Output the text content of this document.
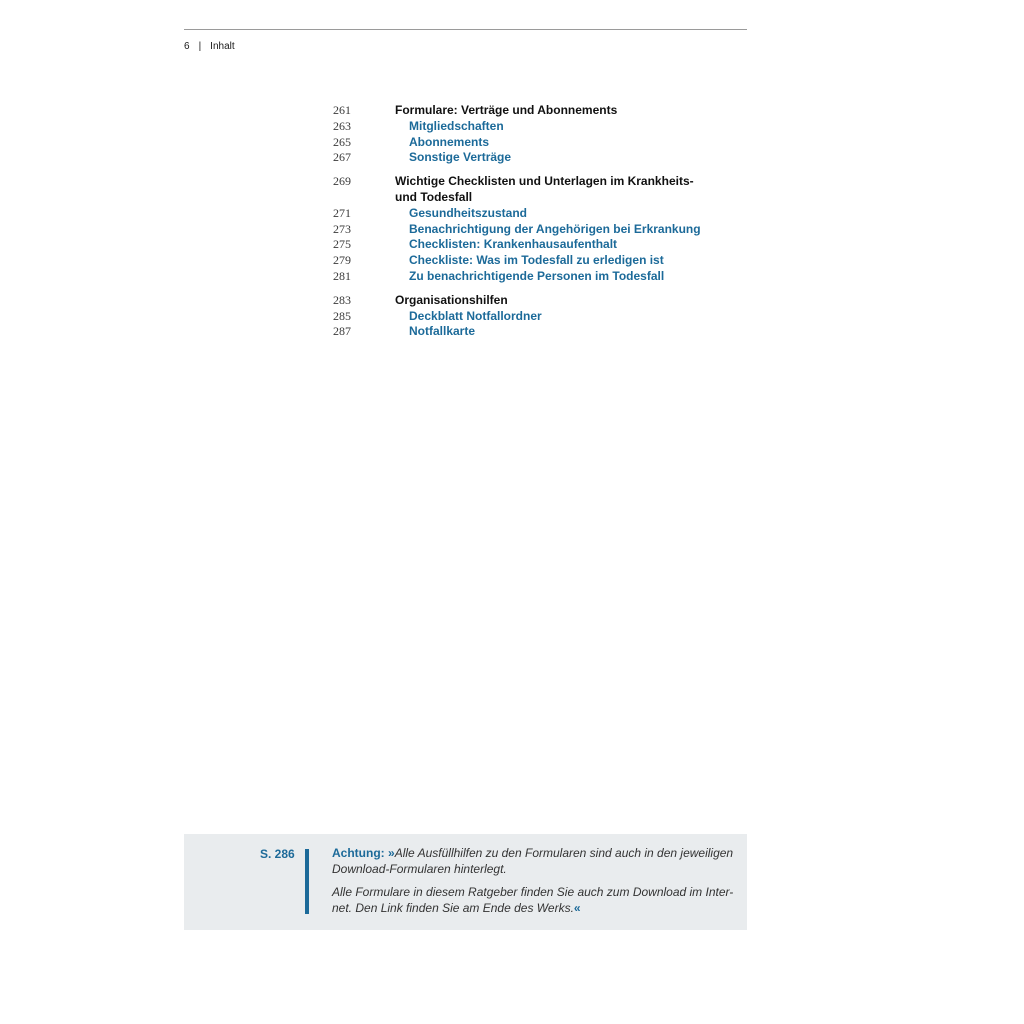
6 | Inhalt
261	Formulare: Verträge und Abonnements
263	Mitgliedschaften
265	Abonnements
267	Sonstige Verträge
269	Wichtige Checklisten und Unterlagen im Krankheits-
und Todesfall
271	Gesundheitszustand
273	Benachrichtigung der Angehörigen bei Erkrankung
275	Checklisten: Krankenhausaufenthalt
279	Checkliste: Was im Todesfall zu erledigen ist
281	Zu benachrichtigende Personen im Todesfall
283	Organisationshilfen
285	Deckblatt Notfallordner
287	Notfallkarte
S. 286	Achtung: »Alle Ausfüllhilfen zu den Formularen sind auch in den jeweiligen Download-Formularen hinterlegt.

Alle Formulare in diesem Ratgeber finden Sie auch zum Download im Inter-net. Den Link finden Sie am Ende des Werks.«
